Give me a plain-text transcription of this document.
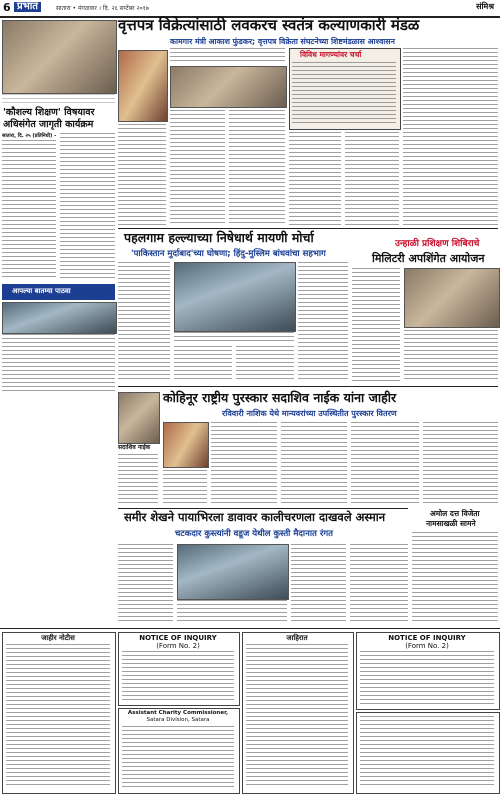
6 प्रभात	सातारा • मंगळवार । दि. २६ सप्टेंबर २०१७	संमिश्र
'कौशल्य शिक्षण' विषयावर
अधिसंगेत जागृती कार्यक्रम
सातारा, दि. २५ (प्रतिनिधी) -
आपल्या बातम्या पाठवा
वृत्तपत्र विक्रेत्यांसाठी लवकरच स्वतंत्र कल्याणकारी मंडळ
कामगार मंत्री आकाश फुंडकर; वृत्तपत्र विक्रेता संघटनेच्या शिष्टमंडळास आश्वासन
विविध मागण्यांवर चर्चा
पहलगाम हल्ल्याच्या निषेधार्थ मायणी मोर्चा
'पाकिस्तान मुर्दाबाद'च्या घोषणा; हिंदु-मुस्लिम बांधवांचा सहभाग
उन्हाळी प्रशिक्षण शिबिराचे
मिलिटरी अपशिंगेत आयोजन
सदाशिव नाईक
कोहिनूर राष्ट्रीय पुरस्कार सदाशिव नाईक यांना जाहीर
रविवारी नाशिक येथे मान्यवरांच्या उपस्थितीत पुरस्कार वितरण
समीर शेखने पायाभिरला डावावर कालीचरणला दाखवले अस्मान
चटकदार कुस्त्यांनी वडूज येथील कुस्ती मैदानात रंगत
अमोल दत्त विजेता
नामसाखळी सामने
जाहीर नोटीस	NOTICE OF INQUIRY
(Form No. 2)
Assistant Charity Commissioner,
Satara Division, Satara
जाहिरात	NOTICE OF INQUIRY
(Form No. 2)
